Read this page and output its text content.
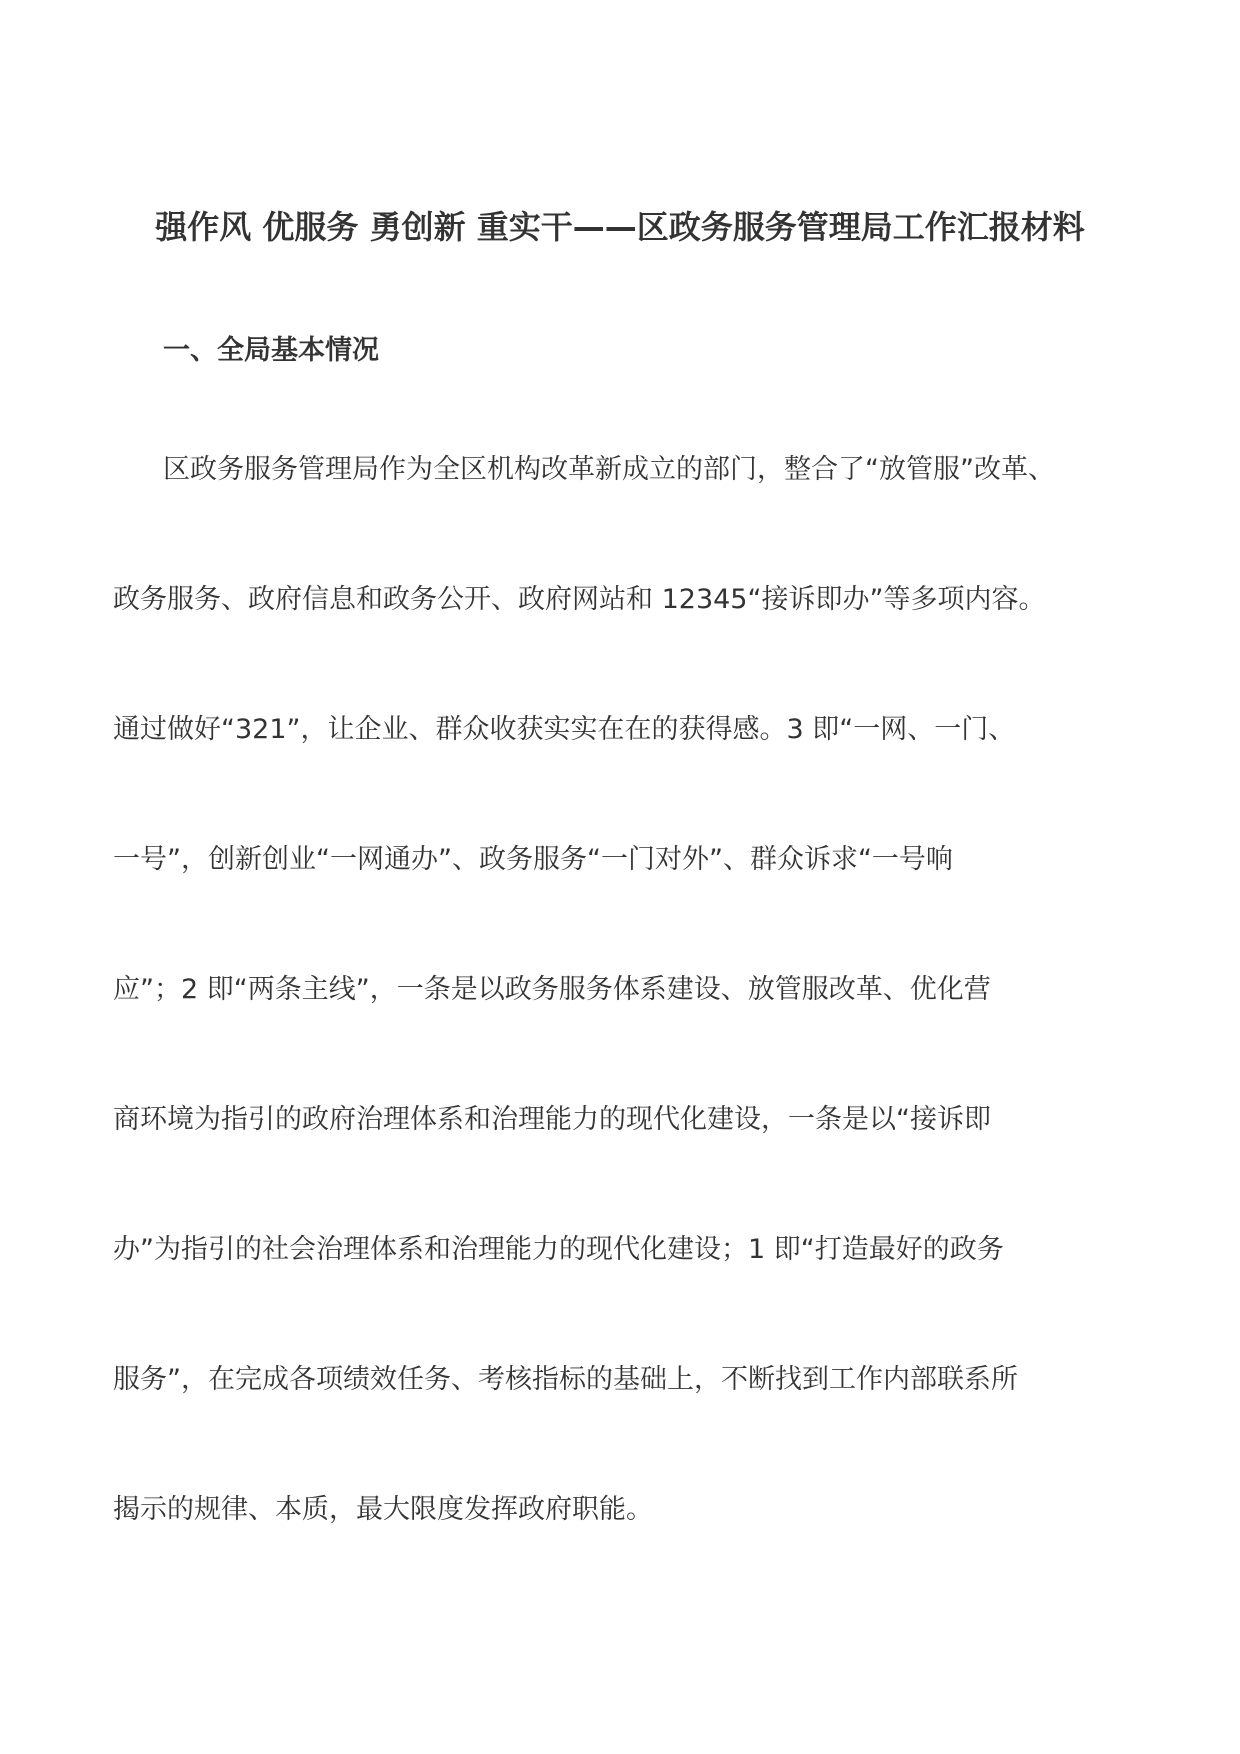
强作风 优服务 勇创新 重实干——区政务服务管理局工作汇报材料
一、全局基本情况
区政务服务管理局作为全区机构改革新成立的部门，整合了“放管服”改革、
政务服务、政府信息和政务公开、政府网站和 12345“接诉即办”等多项内容。
通过做好“321”，让企业、群众收获实实在在的获得感。3 即“一网、一门、
一号”，创新创业“一网通办”、政务服务“一门对外”、群众诉求“一号响
应”；2 即“两条主线”，一条是以政务服务体系建设、放管服改革、优化营
商环境为指引的政府治理体系和治理能力的现代化建设，一条是以“接诉即
办”为指引的社会治理体系和治理能力的现代化建设；1 即“打造最好的政务
服务”，在完成各项绩效任务、考核指标的基础上，不断找到工作内部联系所
揭示的规律、本质，最大限度发挥政府职能。
